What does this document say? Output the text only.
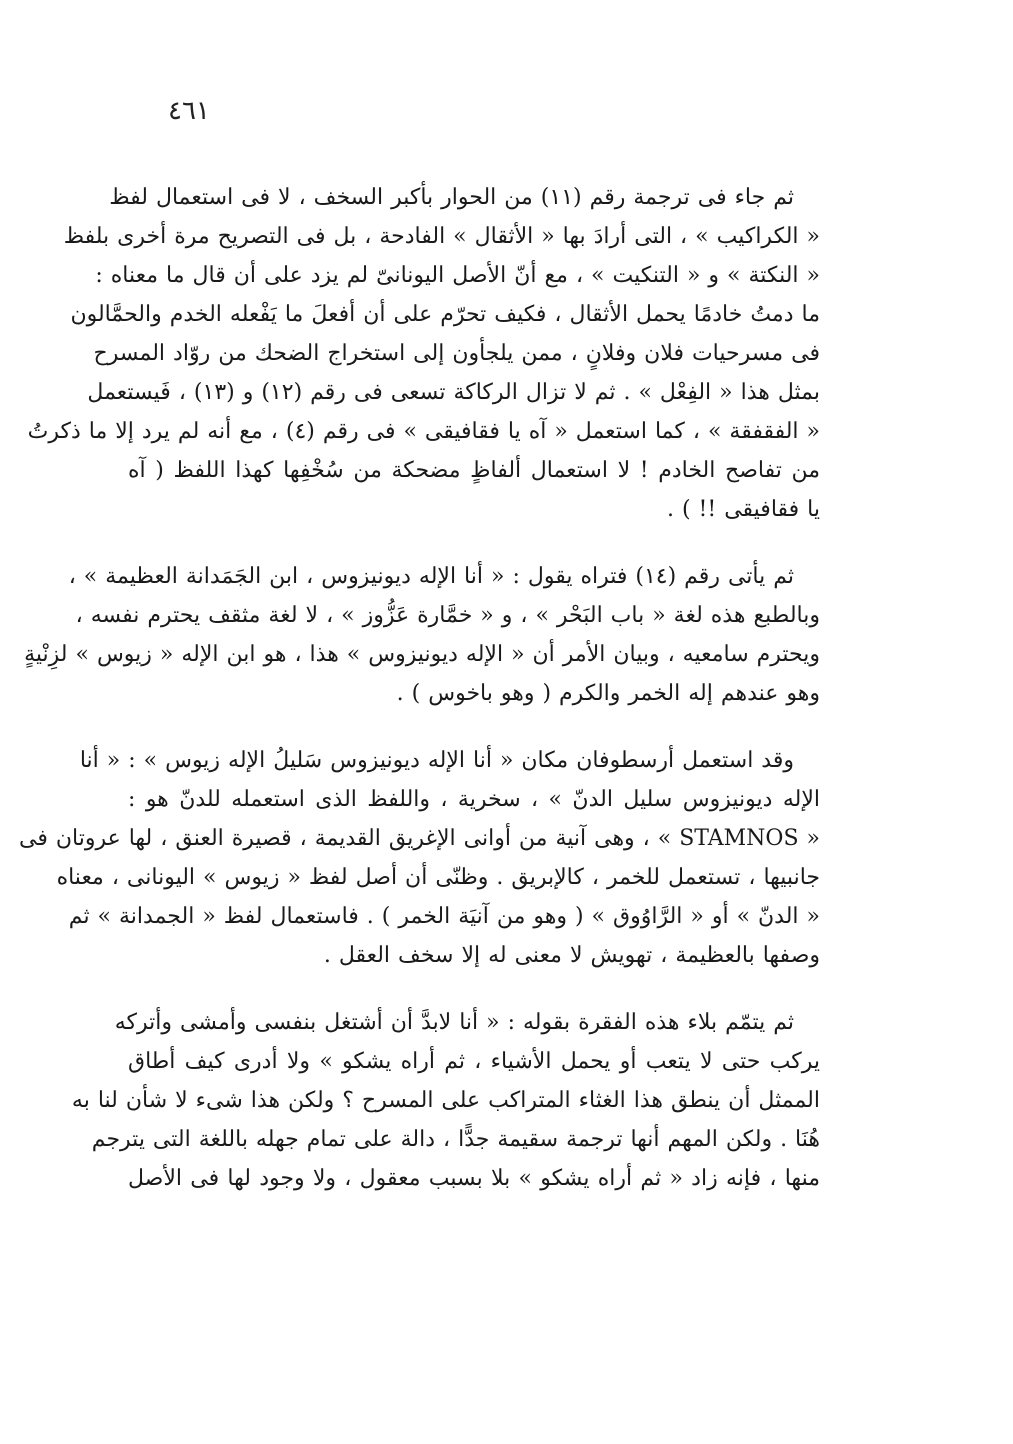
٤٦١
ثم جاء فى ترجمة رقم (١١) من الحوار بأكبر السخف ، لا فى استعمال لفظ
« الكراكيب » ، التى أرادَ بها « الأثقال » الفادحة ، بل فى التصريح مرة أخرى بلفظ
« النكتة » و « التنكيت » ، مع أنّ الأصل اليونانىّ لم يزد على أن قال ما معناه :
ما دمتُ خادمًا يحمل الأثقال ، فكيف تحرّم على أن أفعلَ ما يَفْعله الخدم والحمَّالون
فى مسرحيات فلان وفلانٍ ، ممن يلجأون إلى استخراج الضحك من روّاد المسرح
بمثل هذا « الفِعْل » . ثم لا تزال الركاكة تسعى فى رقم (١٢) و (١٣) ، فَيستعمل
« الفقفقة » ، كما استعمل « آه يا فقافيقى » فى رقم (٤) ، مع أنه لم يرد إلا ما ذكرتُ
من تفاصح الخادم ! لا استعمال ألفاظٍ مضحكة من سُخْفِها كهذا اللفظ ( آه
يا فقافيقى !! ) .
ثم يأتى رقم (١٤) فتراه يقول : « أنا الإله ديونيزوس ، ابن الجَمَدانة العظيمة » ،
وبالطبع هذه لغة « باب البَحْر » ، و « خمَّارة عَزُّوز » ، لا لغة مثقف يحترم نفسه ،
ويحترم سامعيه ، وبيان الأمر أن « الإله ديونيزوس » هذا ، هو ابن الإله « زيوس » لزِنْيةٍ
وهو عندهم إله الخمر والكرم ( وهو باخوس ) .
وقد استعمل أرسطوفان مكان « أنا الإله ديونيزوس سَليلُ الإله زيوس » : « أنا
الإله ديونيزوس سليل الدنّ » ، سخرية ، واللفظ الذى استعمله للدنّ هو :
« STAMNOS » ، وهى آنية من أوانى الإغريق القديمة ، قصيرة العنق ، لها عروتان فى
جانبيها ، تستعمل للخمر ، كالإبريق . وظنّى أن أصل لفظ « زيوس » اليونانى ، معناه
« الدنّ » أو « الرَّاوُوق » ( وهو من آنيَة الخمر ) . فاستعمال لفظ « الجمدانة » ثم
وصفها بالعظيمة ، تهويش لا معنى له إلا سخف العقل .
ثم يتمّم بلاء هذه الفقرة بقوله : « أنا لابدَّ أن أشتغل بنفسى وأمشى وأتركه
يركب حتى لا يتعب أو يحمل الأشياء ، ثم أراه يشكو » ولا أدرى كيف أطاق
الممثل أن ينطق هذا الغثاء المتراكب على المسرح ؟ ولكن هذا شىء لا شأن لنا به
هُنَا . ولكن المهم أنها ترجمة سقيمة جدًّا ، دالة على تمام جهله باللغة التى يترجم
منها ، فإنه زاد « ثم أراه يشكو » بلا بسبب معقول ، ولا وجود لها فى الأصل
